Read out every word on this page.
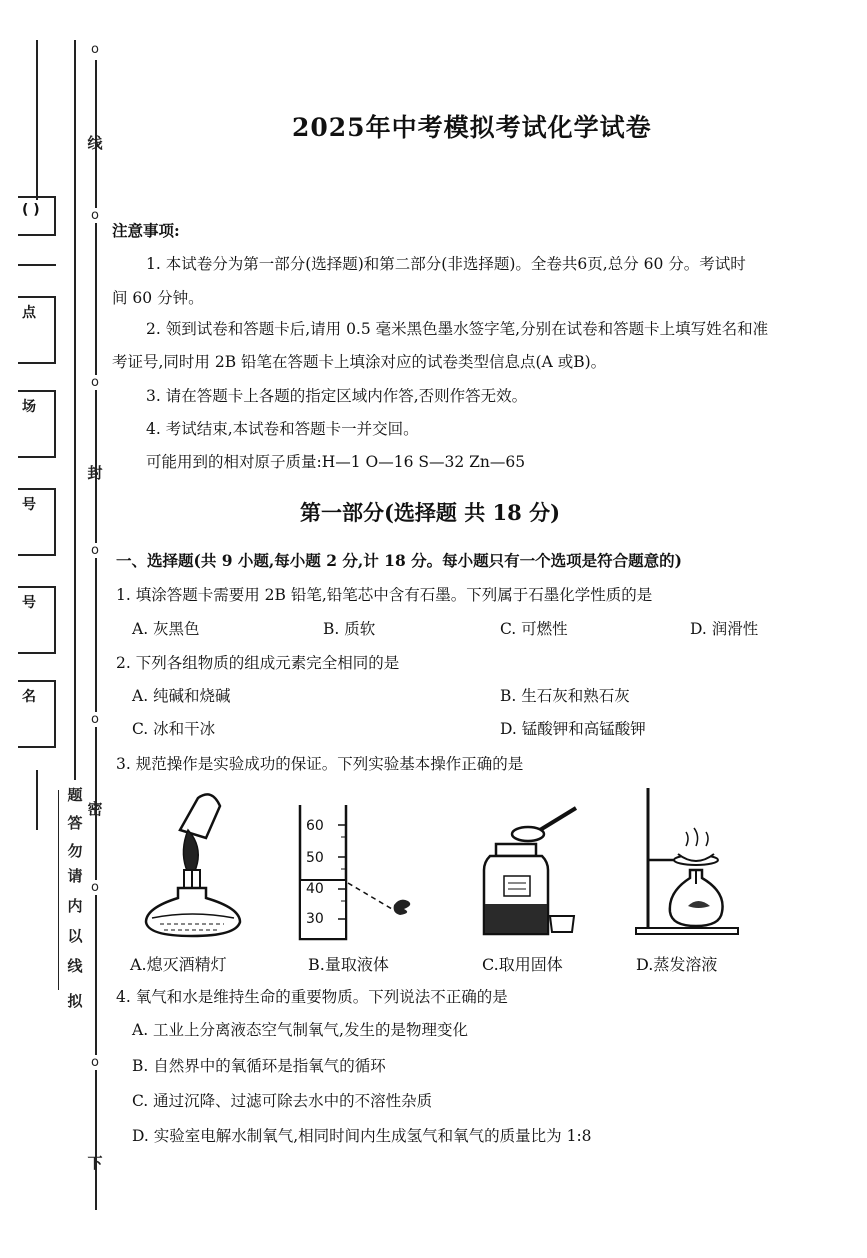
o
o
o
o
o
o
o
线
封
密
下
拟
线
以
内
请
勿
答
题
( )
点
场
号
号
名
2025年中考模拟考试化学试卷
注意事项:
1. 本试卷分为第一部分(选择题)和第二部分(非选择题)。全卷共6页,总分 60 分。考试时
间 60 分钟。
2. 领到试卷和答题卡后,请用 0.5 毫米黑色墨水签字笔,分别在试卷和答题卡上填写姓名和准
考证号,同时用 2B 铅笔在答题卡上填涂对应的试卷类型信息点(A 或B)。
3. 请在答题卡上各题的指定区域内作答,否则作答无效。
4. 考试结束,本试卷和答题卡一并交回。
可能用到的相对原子质量:H—1 O—16 S—32 Zn—65
第一部分(选择题 共 18 分)
一、选择题(共 9 小题,每小题 2 分,计 18 分。每小题只有一个选项是符合题意的)
1. 填涂答题卡需要用 2B 铅笔,铅笔芯中含有石墨。下列属于石墨化学性质的是
A. 灰黑色	B. 质软	C. 可燃性	D. 润滑性
2. 下列各组物质的组成元素完全相同的是
A. 纯碱和烧碱	B. 生石灰和熟石灰
C. 冰和干冰	D. 锰酸钾和高锰酸钾
3. 规范操作是实验成功的保证。下列实验基本操作正确的是
A.熄灭酒精灯
60
50
40
30
B.量取液体	C.取用固体	D.蒸发溶液
4. 氧气和水是维持生命的重要物质。下列说法不正确的是
A. 工业上分离液态空气制氧气,发生的是物理变化
B. 自然界中的氧循环是指氧气的循环
C. 通过沉降、过滤可除去水中的不溶性杂质
D. 实验室电解水制氧气,相同时间内生成氢气和氧气的质量比为 1:8
